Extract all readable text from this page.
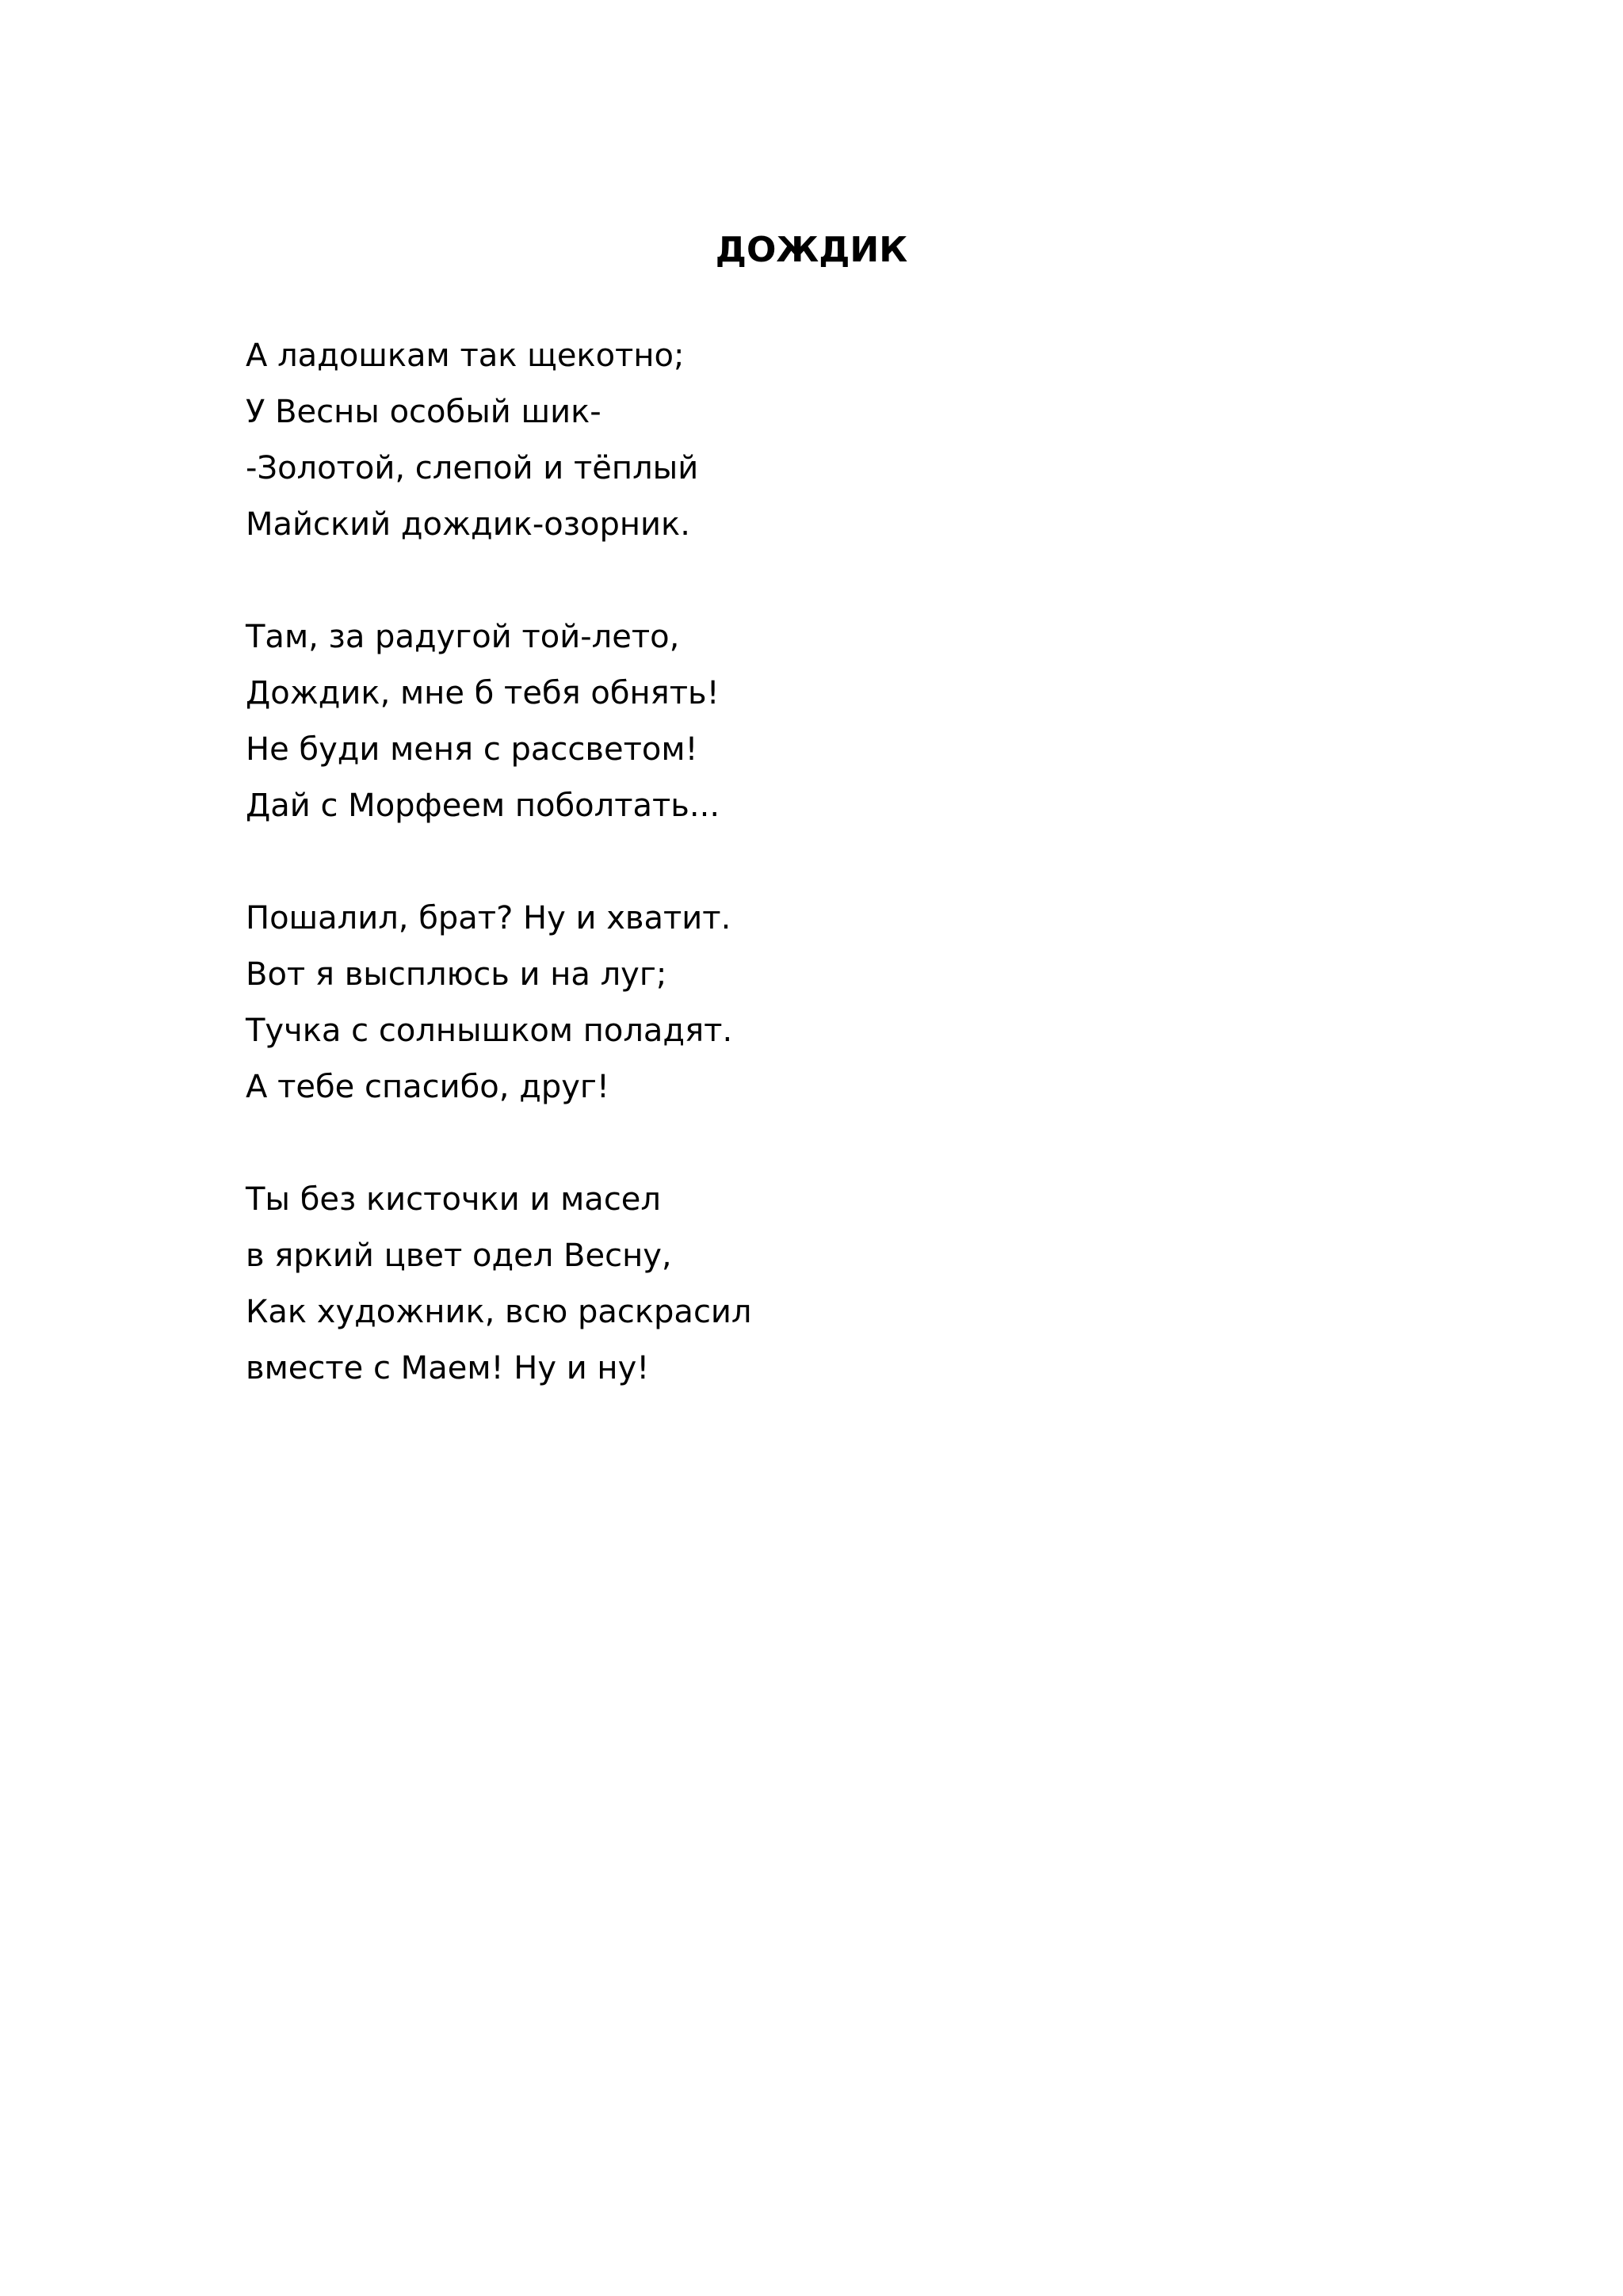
ДОЖДИК
А ладошкам так щекотно;
У Весны особый шик-
-Золотой, слепой и тёплый
Майский дождик-озорник.
Там, за радугой той-лето,
Дождик, мне б тебя обнять!
Не буди меня с рассветом!
Дай с Морфеем поболтать...
Пошалил, брат? Ну и хватит.
Вот я высплюсь и на луг;
Тучка с солнышком поладят.
А тебе спасибо, друг!
Ты без кисточки и масел
в яркий цвет одел Весну,
Как художник, всю раскрасил
вместе с Маем! Ну и ну!
